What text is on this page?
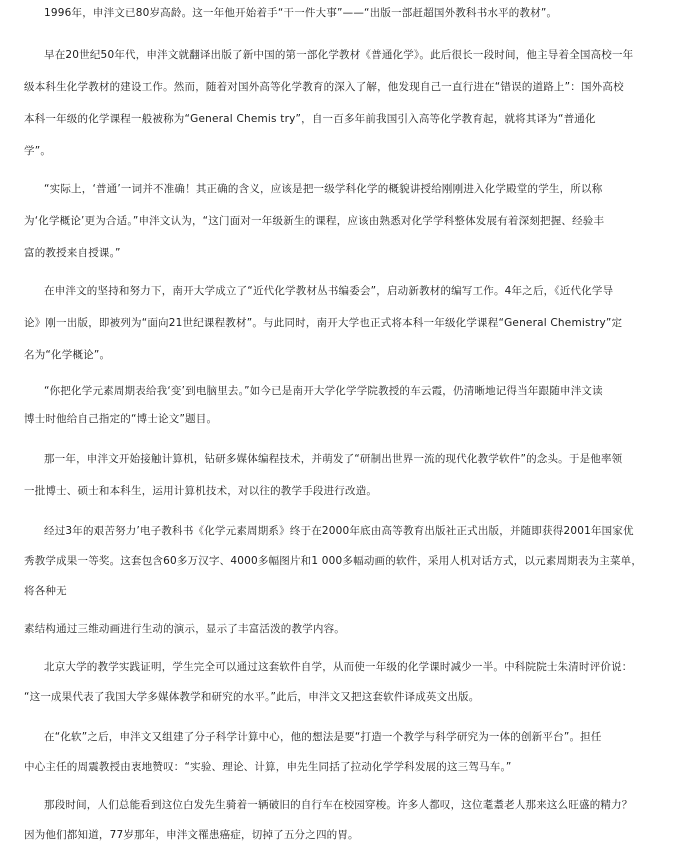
1996年，申泮文已80岁高龄。这一年他开始着手“干一件大事”——“出版一部赶超国外教科书水平的教材”。
早在20世纪50年代，申泮文就翻译出版了新中国的第一部化学教材《普通化学》。此后很长一段时间，他主导着全国高校一年
级本科生化学教材的建设工作。然而，随着对国外高等化学教育的深入了解，他发现自己一直行进在“错误的道路上”：国外高校
本科一年级的化学课程一般被称为“General Chemis try”，自一百多年前我国引入高等化学教育起，就将其译为“普通化
学”。
“实际上，‘普通’一词并不准确！其正确的含义，应该是把一级学科化学的概貌讲授给刚刚进入化学殿堂的学生，所以称
为‘化学概论’更为合适。”申泮文认为，“这门面对一年级新生的课程，应该由熟悉对化学学科整体发展有着深刻把握、经验丰
富的教授来自授课。”
在申泮文的坚持和努力下，南开大学成立了“近代化学教材丛书编委会”，启动新教材的编写工作。4年之后，《近代化学导
论》刚一出版，即被列为“面向21世纪课程教材”。与此同时，南开大学也正式将本科一年级化学课程“General Chemistry”定
名为“化学概论”。
“你把化学元素周期表给我‘变’到电脑里去。”如今已是南开大学化学学院教授的车云霞，仍清晰地记得当年跟随申泮文读
博士时他给自己指定的“博士论文”题目。
那一年，申泮文开始接触计算机，钻研多媒体编程技术，并萌发了“研制出世界一流的现代化教学软件”的念头。于是他率领
一批博士、硕士和本科生，运用计算机技术，对以往的教学手段进行改造。
经过3年的艰苦努力’电子教科书《化学元素周期系》终于在2000年底由高等教育出版社正式出版，并随即获得2001年国家优
秀教学成果一等奖。这套包含60多万汉字、4000多幅图片和1 000多幅动画的软件，采用人机对话方式，以元素周期表为主菜单，
将各种无
素结构通过三维动画进行生动的演示，显示了丰富活泼的教学内容。
北京大学的教学实践证明，学生完全可以通过这套软件自学，从而使一年级的化学课时减少一半。中科院院士朱清时评价说：
“这一成果代表了我国大学多媒体教学和研究的水平。”此后，申泮文又把这套软件译成英文出版。
在“化软”之后，申泮文又组建了分子科学计算中心，他的想法是要“打造一个教学与科学研究为一体的创新平台”。担任
中心主任的周震教授由衷地赞叹：“实验、理论、计算，申先生同括了拉动化学学科发展的这三驾马车。”
那段时间，人们总能看到这位白发先生骑着一辆破旧的自行车在校园穿梭。许多人都叹，这位耄耋老人那来这么旺盛的精力？
因为他们都知道，77岁那年，申泮文罹患癌症，切掉了五分之四的胃。
